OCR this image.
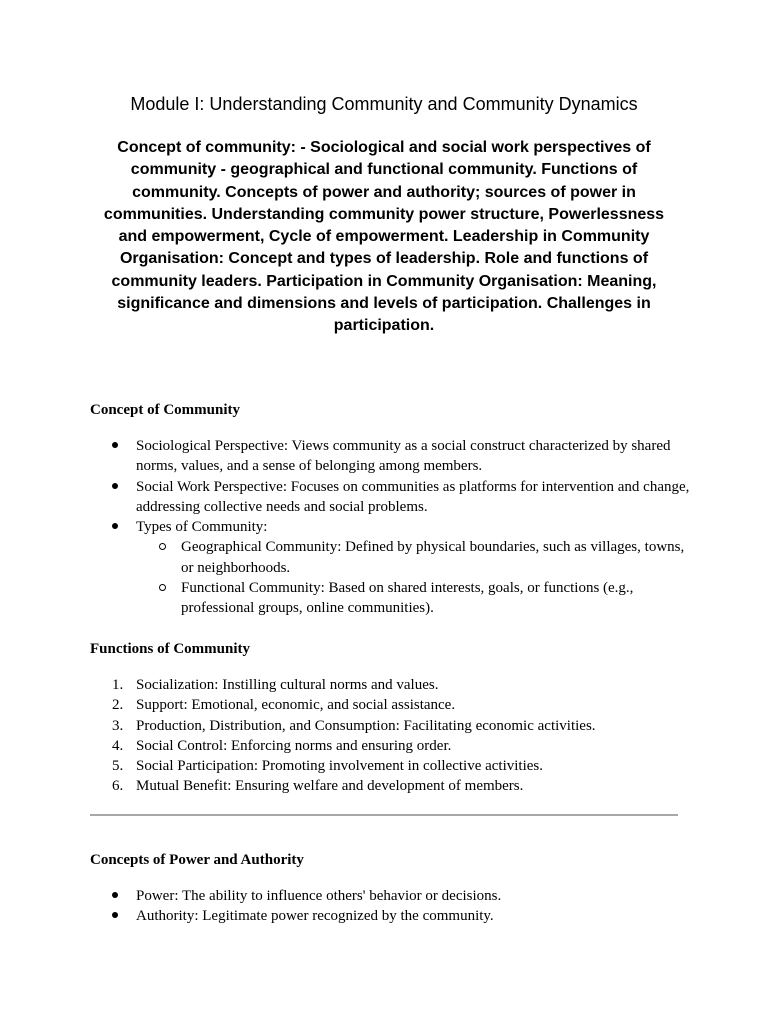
Module I: Understanding Community and Community Dynamics

Concept of community: - Sociological and social work perspectives of community - geographical and functional community. Functions of community. Concepts of power and authority; sources of power in communities. Understanding community power structure, Powerlessness and empowerment, Cycle of empowerment. Leadership in Community Organisation: Concept and types of leadership. Role and functions of community leaders. Participation in Community Organisation: Meaning, significance and dimensions and levels of participation. Challenges in participation.

Concept of Community

Sociological Perspective: Views community as a social construct characterized by shared norms, values, and a sense of belonging among members.
Social Work Perspective: Focuses on communities as platforms for intervention and change, addressing collective needs and social problems.
Types of Community:
Geographical Community: Defined by physical boundaries, such as villages, towns, or neighborhoods.
Functional Community: Based on shared interests, goals, or functions (e.g., professional groups, online communities).

Functions of Community

1. Socialization: Instilling cultural norms and values.
2. Support: Emotional, economic, and social assistance.
3. Production, Distribution, and Consumption: Facilitating economic activities.
4. Social Control: Enforcing norms and ensuring order.
5. Social Participation: Promoting involvement in collective activities.
6. Mutual Benefit: Ensuring welfare and development of members.

Concepts of Power and Authority

Power: The ability to influence others' behavior or decisions.
Authority: Legitimate power recognized by the community.
